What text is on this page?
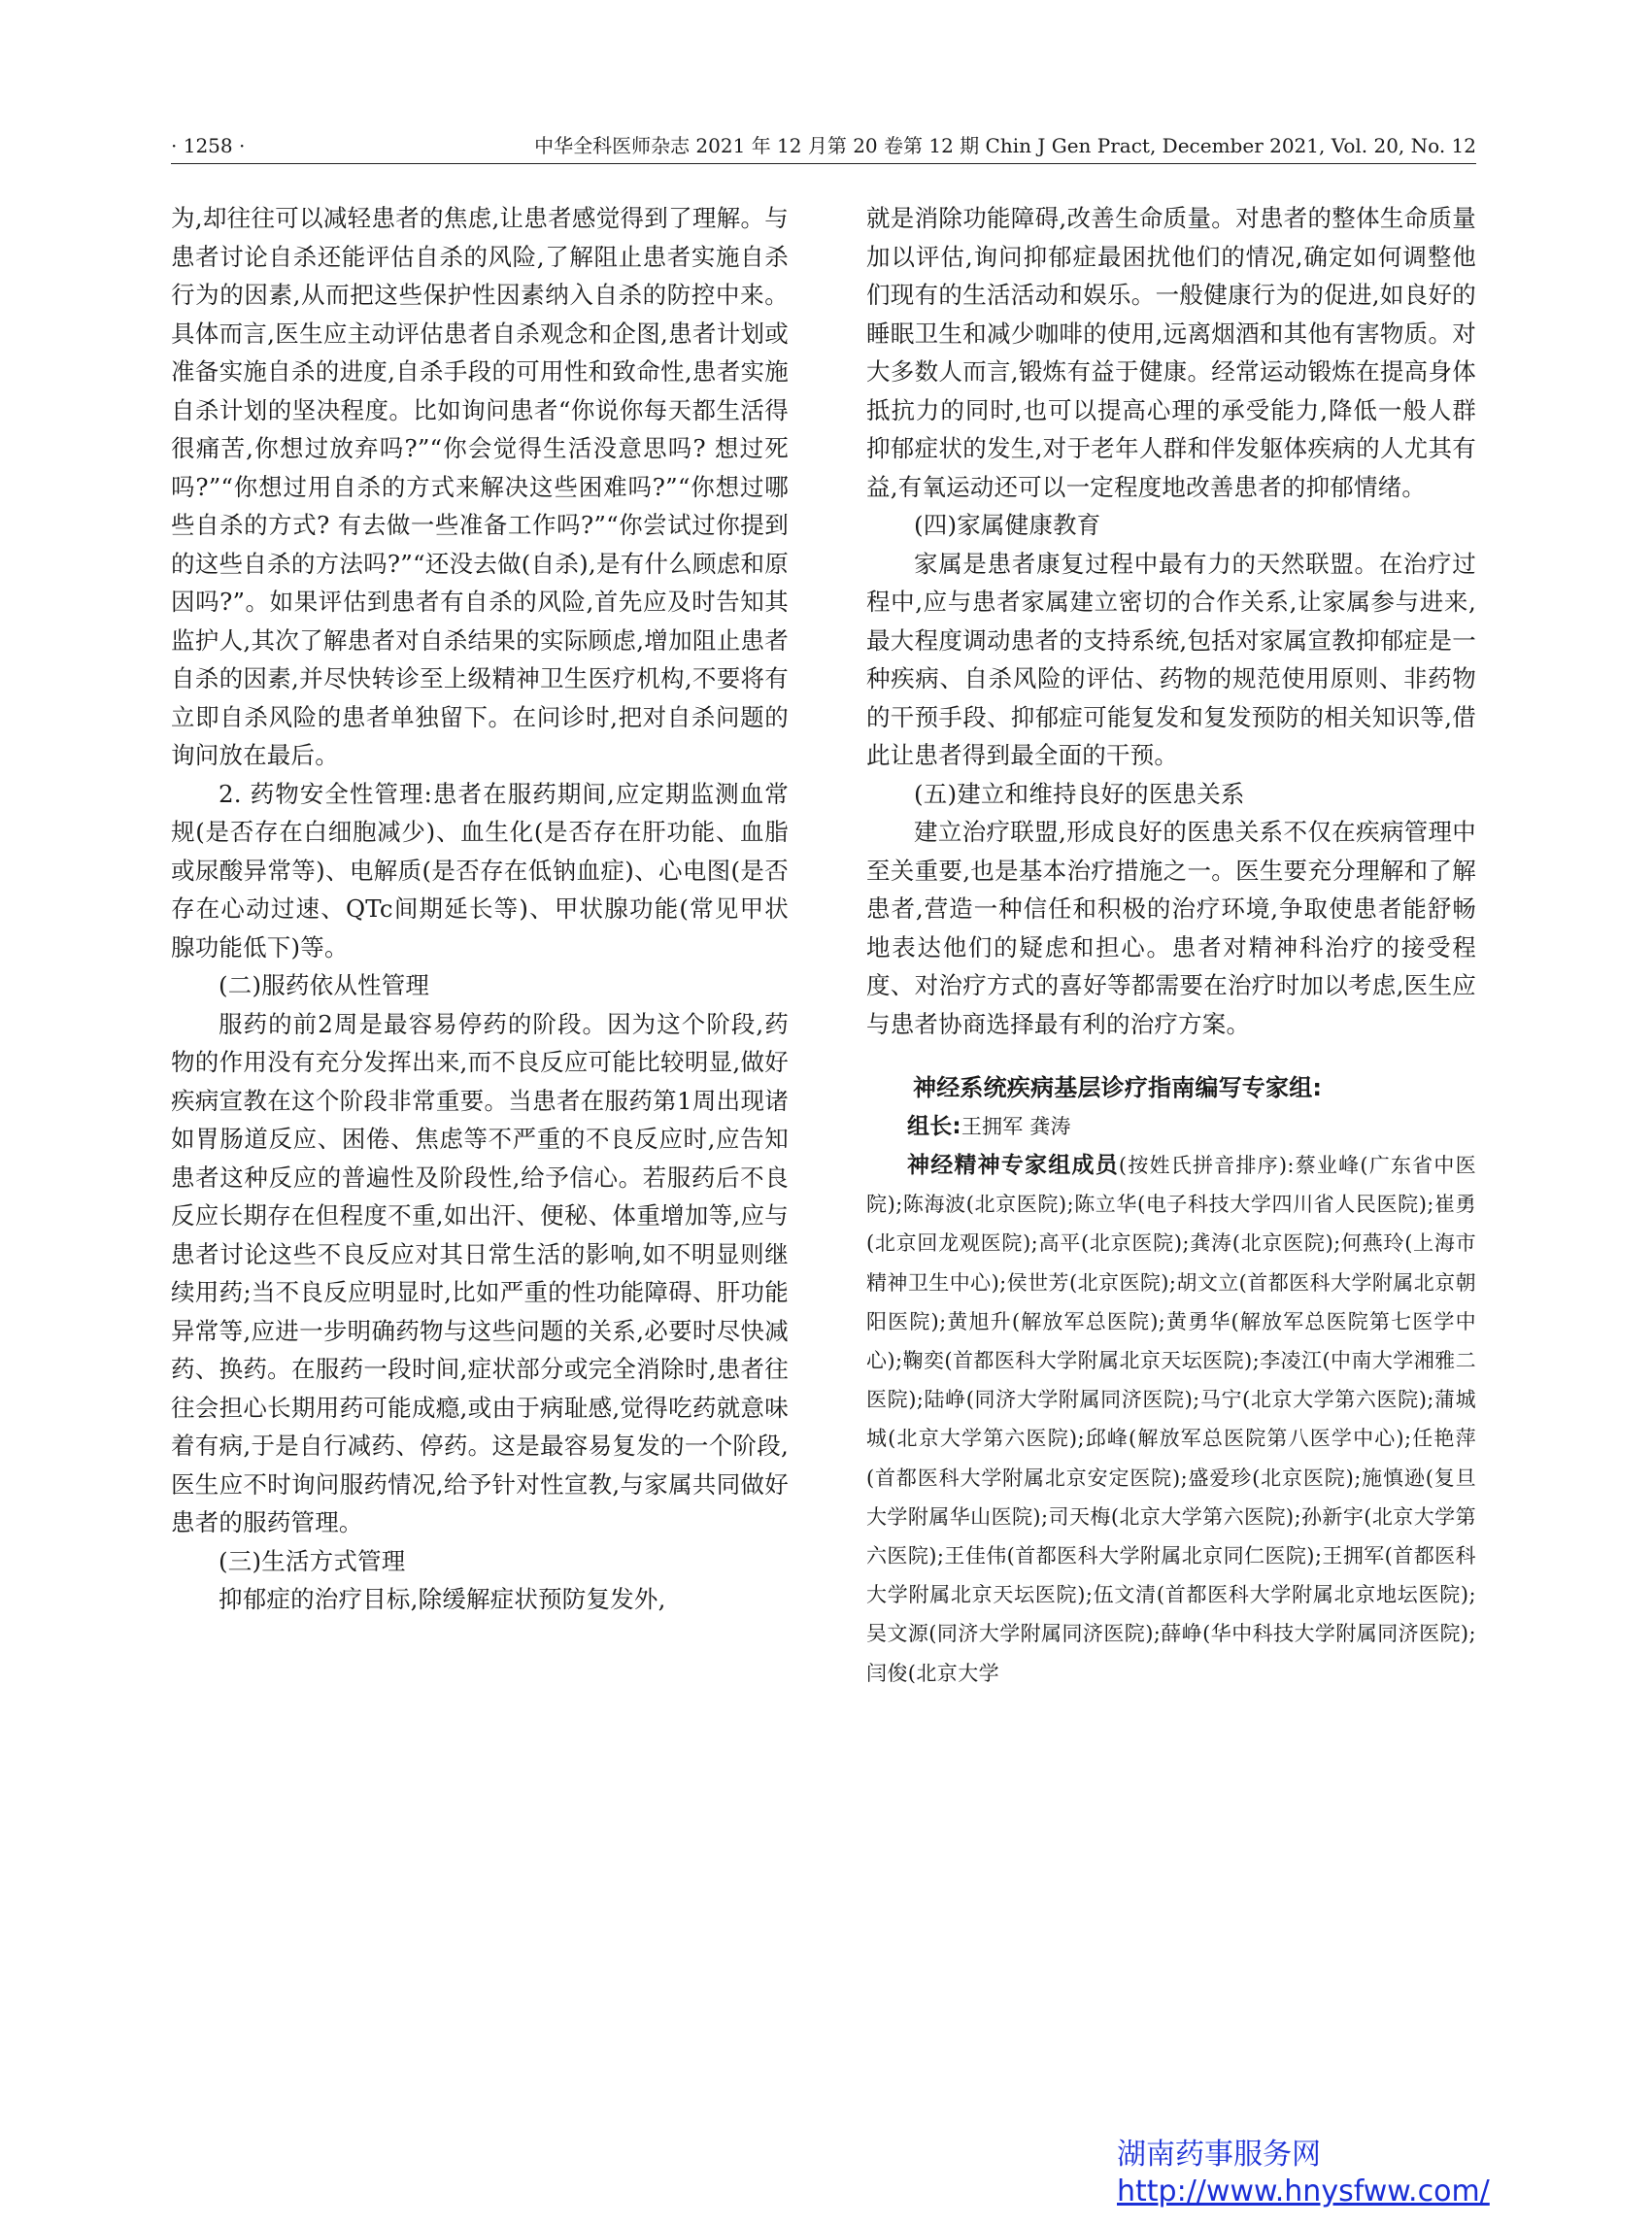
· 1258 ·	中华全科医师杂志 2021 年 12 月第 20 卷第 12 期 Chin J Gen Pract, December 2021, Vol. 20, No. 12

为,却往往可以减轻患者的焦虑,让患者感觉得到了理解。与患者讨论自杀还能评估自杀的风险,了解阻止患者实施自杀行为的因素,从而把这些保护性因素纳入自杀的防控中来。具体而言,医生应主动评估患者自杀观念和企图,患者计划或准备实施自杀的进度,自杀手段的可用性和致命性,患者实施自杀计划的坚决程度。比如询问患者“你说你每天都生活得很痛苦,你想过放弃吗?”“你会觉得生活没意思吗? 想过死吗?”“你想过用自杀的方式来解决这些困难吗?”“你想过哪些自杀的方式? 有去做一些准备工作吗?”“你尝试过你提到的这些自杀的方法吗?”“还没去做(自杀),是有什么顾虑和原因吗?”。如果评估到患者有自杀的风险,首先应及时告知其监护人,其次了解患者对自杀结果的实际顾虑,增加阻止患者自杀的因素,并尽快转诊至上级精神卫生医疗机构,不要将有立即自杀风险的患者单独留下。在问诊时,把对自杀问题的询问放在最后。

2. 药物安全性管理:患者在服药期间,应定期监测血常规(是否存在白细胞减少)、血生化(是否存在肝功能、血脂或尿酸异常等)、电解质(是否存在低钠血症)、心电图(是否存在心动过速、QTc间期延长等)、甲状腺功能(常见甲状腺功能低下)等。

(二)服药依从性管理

服药的前2周是最容易停药的阶段。因为这个阶段,药物的作用没有充分发挥出来,而不良反应可能比较明显,做好疾病宣教在这个阶段非常重要。当患者在服药第1周出现诸如胃肠道反应、困倦、焦虑等不严重的不良反应时,应告知患者这种反应的普遍性及阶段性,给予信心。若服药后不良反应长期存在但程度不重,如出汗、便秘、体重增加等,应与患者讨论这些不良反应对其日常生活的影响,如不明显则继续用药;当不良反应明显时,比如严重的性功能障碍、肝功能异常等,应进一步明确药物与这些问题的关系,必要时尽快减药、换药。在服药一段时间,症状部分或完全消除时,患者往往会担心长期用药可能成瘾,或由于病耻感,觉得吃药就意味着有病,于是自行减药、停药。这是最容易复发的一个阶段,医生应不时询问服药情况,给予针对性宣教,与家属共同做好患者的服药管理。

(三)生活方式管理

抑郁症的治疗目标,除缓解症状预防复发外,

就是消除功能障碍,改善生命质量。对患者的整体生命质量加以评估,询问抑郁症最困扰他们的情况,确定如何调整他们现有的生活活动和娱乐。一般健康行为的促进,如良好的睡眠卫生和减少咖啡的使用,远离烟酒和其他有害物质。对大多数人而言,锻炼有益于健康。经常运动锻炼在提高身体抵抗力的同时,也可以提高心理的承受能力,降低一般人群抑郁症状的发生,对于老年人群和伴发躯体疾病的人尤其有益,有氧运动还可以一定程度地改善患者的抑郁情绪。

(四)家属健康教育

家属是患者康复过程中最有力的天然联盟。在治疗过程中,应与患者家属建立密切的合作关系,让家属参与进来,最大程度调动患者的支持系统,包括对家属宣教抑郁症是一种疾病、自杀风险的评估、药物的规范使用原则、非药物的干预手段、抑郁症可能复发和复发预防的相关知识等,借此让患者得到最全面的干预。

(五)建立和维持良好的医患关系

建立治疗联盟,形成良好的医患关系不仅在疾病管理中至关重要,也是基本治疗措施之一。医生要充分理解和了解患者,营造一种信任和积极的治疗环境,争取使患者能舒畅地表达他们的疑虑和担心。患者对精神科治疗的接受程度、对治疗方式的喜好等都需要在治疗时加以考虑,医生应与患者协商选择最有利的治疗方案。

神经系统疾病基层诊疗指南编写专家组:

组长:王拥军 龚涛

神经精神专家组成员(按姓氏拼音排序):蔡业峰(广东省中医院);陈海波(北京医院);陈立华(电子科技大学四川省人民医院);崔勇(北京回龙观医院);高平(北京医院);龚涛(北京医院);何燕玲(上海市精神卫生中心);侯世芳(北京医院);胡文立(首都医科大学附属北京朝阳医院);黄旭升(解放军总医院);黄勇华(解放军总医院第七医学中心);鞠奕(首都医科大学附属北京天坛医院);李凌江(中南大学湘雅二医院);陆峥(同济大学附属同济医院);马宁(北京大学第六医院);蒲城城(北京大学第六医院);邱峰(解放军总医院第八医学中心);任艳萍(首都医科大学附属北京安定医院);盛爱珍(北京医院);施慎逊(复旦大学附属华山医院);司天梅(北京大学第六医院);孙新宇(北京大学第六医院);王佳伟(首都医科大学附属北京同仁医院);王拥军(首都医科大学附属北京天坛医院);伍文清(首都医科大学附属北京地坛医院);吴文源(同济大学附属同济医院);薛峥(华中科技大学附属同济医院);闫俊(北京大学

湖南药事服务网
http://www.hnysfww.com/
